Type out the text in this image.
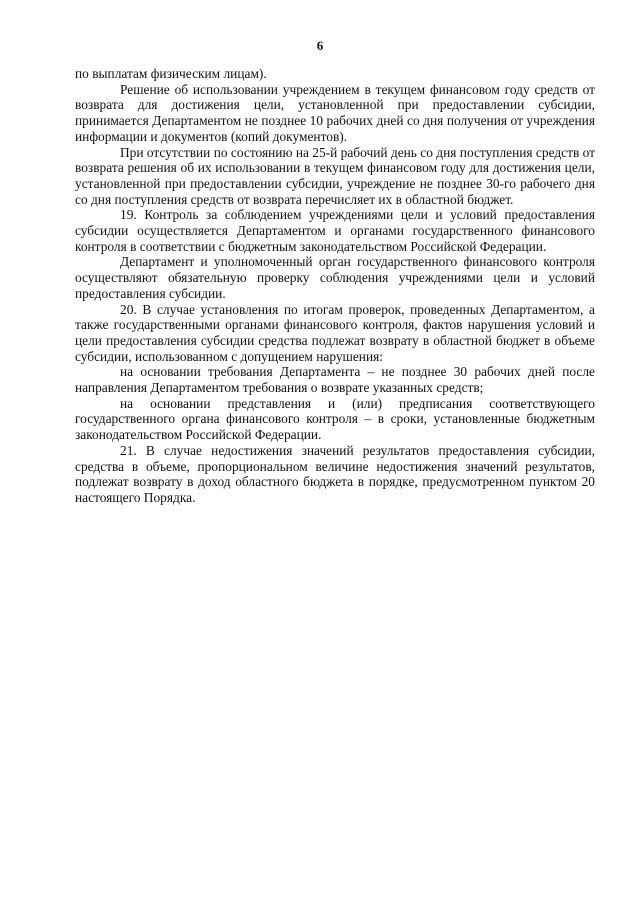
6

по выплатам физическим лицам).

Решение об использовании учреждением в текущем финансовом году средств от возврата для достижения цели, установленной при предоставлении субсидии, принимается Департаментом не позднее 10 рабочих дней со дня получения от учреждения информации и документов (копий документов).

При отсутствии по состоянию на 25-й рабочий день со дня поступления средств от возврата решения об их использовании в текущем финансовом году для достижения цели, установленной при предоставлении субсидии, учреждение не позднее 30-го рабочего дня со дня поступления средств от возврата перечисляет их в областной бюджет.

19. Контроль за соблюдением учреждениями цели и условий предоставления субсидии осуществляется Департаментом и органами государственного финансового контроля в соответствии с бюджетным законодательством Российской Федерации.

Департамент и уполномоченный орган государственного финансового контроля осуществляют обязательную проверку соблюдения учреждениями цели и условий предоставления субсидии.

20. В случае установления по итогам проверок, проведенных Департаментом, а также государственными органами финансового контроля, фактов нарушения условий и цели предоставления субсидии средства подлежат возврату в областной бюджет в объеме субсидии, использованном с допущением нарушения:

на основании требования Департамента – не позднее 30 рабочих дней после направления Департаментом требования о возврате указанных средств;

на основании представления и (или) предписания соответствующего государственного органа финансового контроля – в сроки, установленные бюджетным законодательством Российской Федерации.

21. В случае недостижения значений результатов предоставления субсидии, средства в объеме, пропорциональном величине недостижения значений результатов, подлежат возврату в доход областного бюджета в порядке, предусмотренном пунктом 20 настоящего Порядка.
